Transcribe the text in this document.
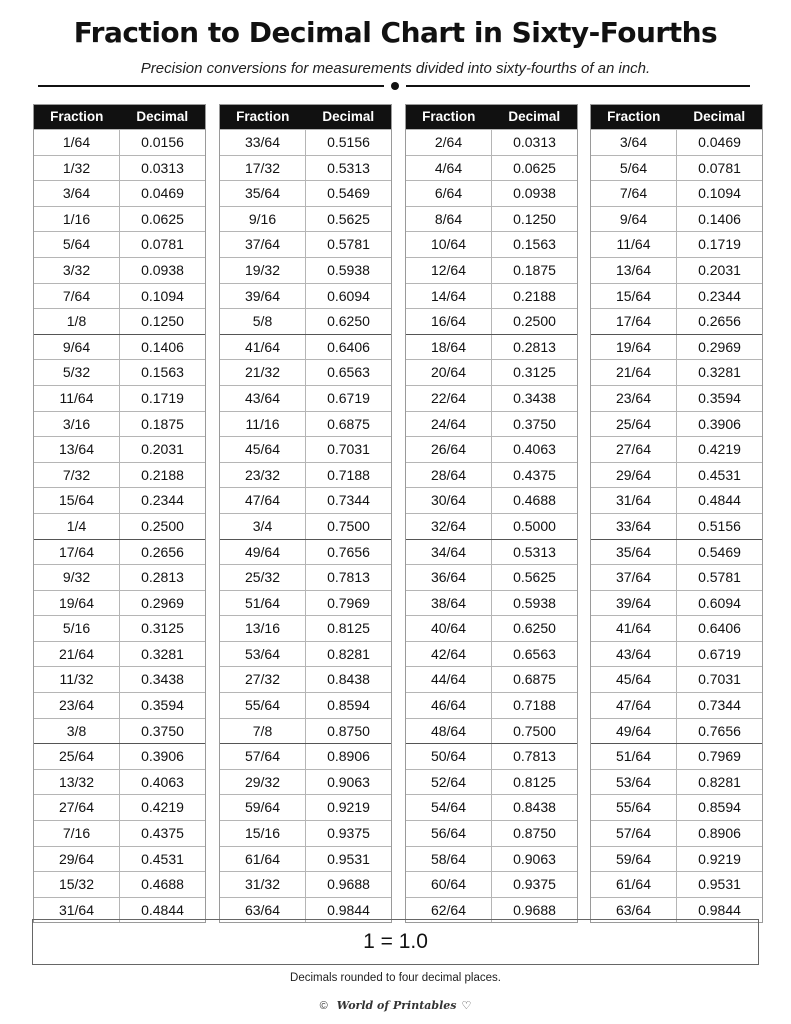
Fraction to Decimal Chart in Sixty-Fourths
Precision conversions for measurements divided into sixty-fourths of an inch.
Fraction	Decimal
1/64	0.0156
1/32	0.0313
3/64	0.0469
1/16	0.0625
5/64	0.0781
3/32	0.0938
7/64	0.1094
1/8	0.1250
9/64	0.1406
5/32	0.1563
11/64	0.1719
3/16	0.1875
13/64	0.2031
7/32	0.2188
15/64	0.2344
1/4	0.2500
17/64	0.2656
9/32	0.2813
19/64	0.2969
5/16	0.3125
21/64	0.3281
11/32	0.3438
23/64	0.3594
3/8	0.3750
25/64	0.3906
13/32	0.4063
27/64	0.4219
7/16	0.4375
29/64	0.4531
15/32	0.4688
31/64	0.4844
Fraction	Decimal
33/64	0.5156
17/32	0.5313
35/64	0.5469
9/16	0.5625
37/64	0.5781
19/32	0.5938
39/64	0.6094
5/8	0.6250
41/64	0.6406
21/32	0.6563
43/64	0.6719
11/16	0.6875
45/64	0.7031
23/32	0.7188
47/64	0.7344
3/4	0.7500
49/64	0.7656
25/32	0.7813
51/64	0.7969
13/16	0.8125
53/64	0.8281
27/32	0.8438
55/64	0.8594
7/8	0.8750
57/64	0.8906
29/32	0.9063
59/64	0.9219
15/16	0.9375
61/64	0.9531
31/32	0.9688
63/64	0.9844
Fraction	Decimal
2/64	0.0313
4/64	0.0625
6/64	0.0938
8/64	0.1250
10/64	0.1563
12/64	0.1875
14/64	0.2188
16/64	0.2500
18/64	0.2813
20/64	0.3125
22/64	0.3438
24/64	0.3750
26/64	0.4063
28/64	0.4375
30/64	0.4688
32/64	0.5000
34/64	0.5313
36/64	0.5625
38/64	0.5938
40/64	0.6250
42/64	0.6563
44/64	0.6875
46/64	0.7188
48/64	0.7500
50/64	0.7813
52/64	0.8125
54/64	0.8438
56/64	0.8750
58/64	0.9063
60/64	0.9375
62/64	0.9688
Fraction	Decimal
3/64	0.0469
5/64	0.0781
7/64	0.1094
9/64	0.1406
11/64	0.1719
13/64	0.2031
15/64	0.2344
17/64	0.2656
19/64	0.2969
21/64	0.3281
23/64	0.3594
25/64	0.3906
27/64	0.4219
29/64	0.4531
31/64	0.4844
33/64	0.5156
35/64	0.5469
37/64	0.5781
39/64	0.6094
41/64	0.6406
43/64	0.6719
45/64	0.7031
47/64	0.7344
49/64	0.7656
51/64	0.7969
53/64	0.8281
55/64	0.8594
57/64	0.8906
59/64	0.9219
61/64	0.9531
63/64	0.9844
1 = 1.0
Decimals rounded to four decimal places.
© World of Printables ♡
